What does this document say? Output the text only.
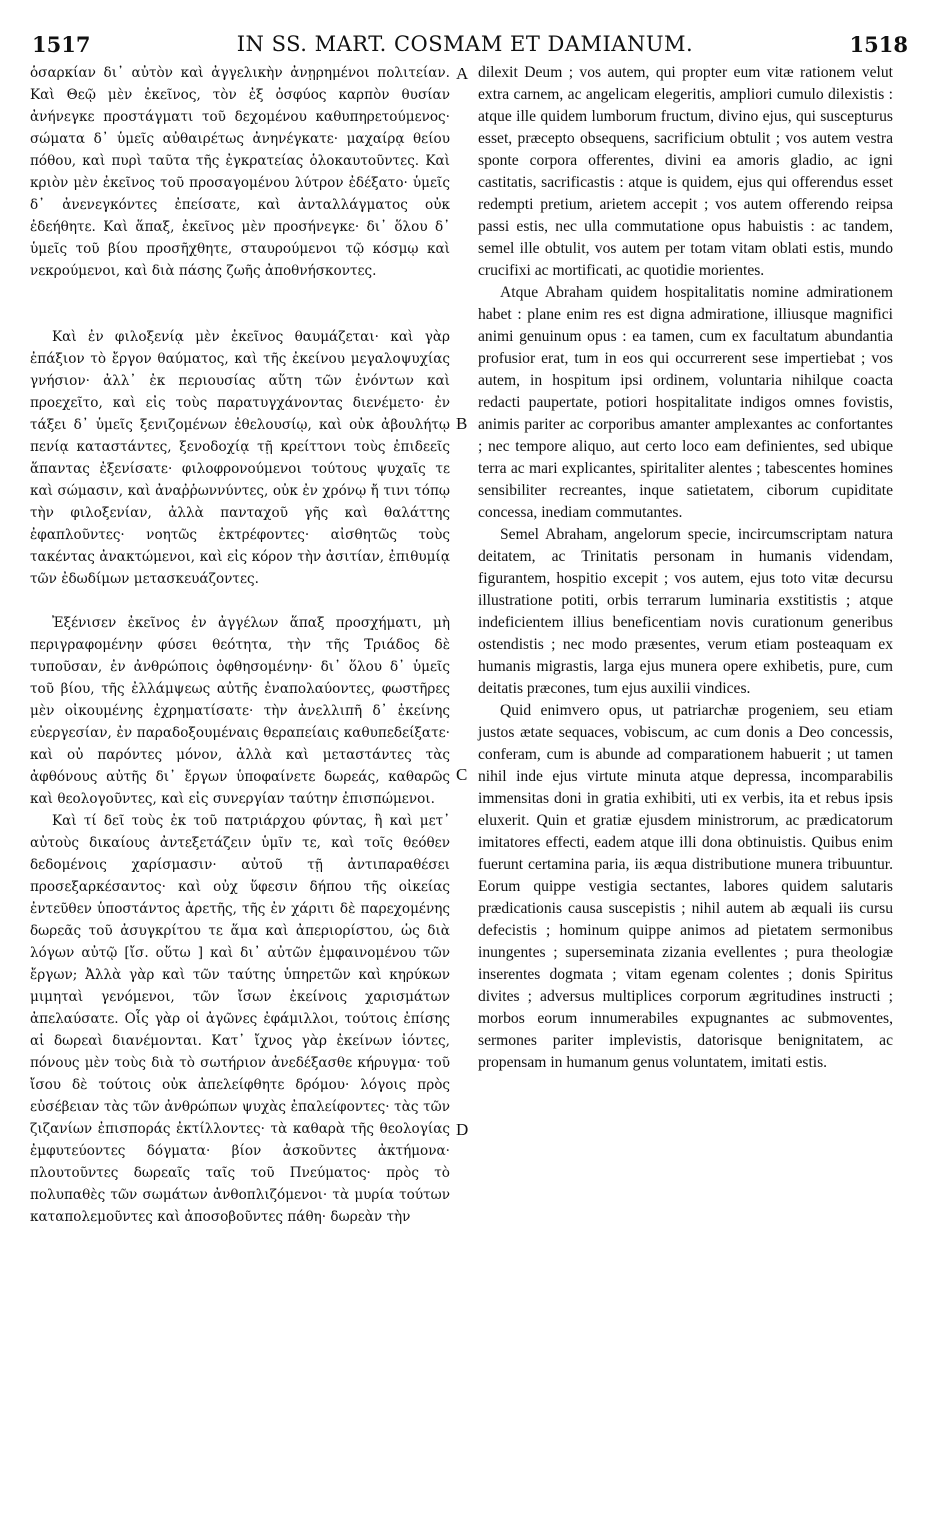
1517	IN SS. MART. COSMAM ET DAMIANUM.	1518

ὁσαρκίαν δι᾽ αὐτὸν καὶ ἀγγελικὴν ἀνῃρημένοι πολιτείαν. Καὶ Θεῷ μὲν ἐκεῖνος, τὸν ἐξ ὀσφύος καρπὸν θυσίαν ἀνήνεγκε προστάγματι τοῦ δεχομένου καθυπηρετούμενος· σώματα δ᾽ ὑμεῖς αὐθαιρέτως ἀνηνέγκατε· μαχαίρᾳ θείου πόθου, καὶ πυρὶ ταῦτα τῆς ἐγκρατείας ὁλοκαυτοῦντες. Καὶ κριὸν μὲν ἐκεῖνος τοῦ προσαγομένου λύτρον ἐδέξατο· ὑμεῖς δ᾽ ἀνενεγκόντες ἐπείσατε, καὶ ἀνταλλάγματος οὐκ ἐδεήθητε. Καὶ ἅπαξ, ἐκεῖνος μὲν προσήνεγκε· δι᾽ ὅλου δ᾽ ὑμεῖς τοῦ βίου προσῆχθητε, σταυρούμενοι τῷ κόσμῳ καὶ νεκρούμενοι, καὶ διὰ πάσης ζωῆς ἀποθνήσκοντες.

Καὶ ἐν φιλοξενίᾳ μὲν ἐκεῖνος θαυμάζεται· καὶ γὰρ ἐπάξιον τὸ ἔργον θαύματος, καὶ τῆς ἐκείνου μεγαλοψυχίας γνήσιον· ἀλλ᾽ ἐκ περιουσίας αὕτη τῶν ἐνόντων καὶ προεχεῖτο, καὶ εἰς τοὺς παρατυγχάνοντας διενέμετο· ἐν τάξει δ᾽ ὑμεῖς ξενιζομένων ἐθελουσίῳ, καὶ οὐκ ἀβουλήτῳ πενίᾳ καταστάντες, ξενοδοχίᾳ τῇ κρείττονι τοὺς ἐπιδεεῖς ἅπαντας ἐξενίσατε· φιλοφρονούμενοι τούτους ψυχαῖς τε καὶ σώμασιν, καὶ ἀναῤῥωννύντες, οὐκ ἐν χρόνῳ ἤ τινι τόπῳ τὴν φιλοξενίαν, ἀλλὰ πανταχοῦ γῆς καὶ θαλάττης ἐφαπλοῦντες· νοητῶς ἐκτρέφοντες· αἰσθητῶς τοὺς τακέντας ἀνακτώμενοι, καὶ εἰς κόρον τὴν ἀσιτίαν, ἐπιθυμίᾳ τῶν ἐδωδίμων μετασκευάζοντες.

Ἐξένισεν ἐκεῖνος ἐν ἀγγέλων ἅπαξ προσχήματι, μὴ περιγραφομένην φύσει θεότητα, τὴν τῆς Τριάδος δὲ τυποῦσαν, ἐν ἀνθρώποις ὀφθησομένην· δι᾽ ὅλου δ᾽ ὑμεῖς τοῦ βίου, τῆς ἐλλάμψεως αὐτῆς ἐναπολαύοντες, φωστῆρες μὲν οἰκουμένης ἐχρηματίσατε· τὴν ἀνελλιπῆ δ᾽ ἐκείνης εὐεργεσίαν, ἐν παραδοξουμέναις θεραπείαις καθυπεδείξατε· καὶ οὐ παρόντες μόνον, ἀλλὰ καὶ μεταστάντες τὰς ἀφθόνους αὐτῆς δι᾽ ἔργων ὑποφαίνετε δωρεάς, καθαρῶς καὶ θεολογοῦντες, καὶ εἰς συνεργίαν ταύτην ἐπισπώμενοι.

Καὶ τί δεῖ τοὺς ἐκ τοῦ πατριάρχου φύντας, ἢ καὶ μετ᾽ αὐτοὺς δικαίους ἀντεξετάζειν ὑμῖν τε, καὶ τοῖς θεόθεν δεδομένοις χαρίσμασιν· αὐτοῦ τῇ ἀντιπαραθέσει προσεξαρκέσαντος· καὶ οὐχ ὕφεσιν δήπου τῆς οἰκείας ἐντεῦθεν ὑποστάντος ἀρετῆς, τῆς ἐν χάριτι δὲ παρεχομένης δωρεᾶς τοῦ ἀσυγκρίτου τε ἅμα καὶ ἀπεριορίστου, ὡς διὰ λόγων αὐτῷ [ἴσ. οὕτω ] καὶ δι᾽ αὐτῶν ἐμφαινομένου τῶν ἔργων; Ἀλλὰ γὰρ καὶ τῶν ταύτης ὑπηρετῶν καὶ κηρύκων μιμηταὶ γενόμενοι, τῶν ἴσων ἐκείνοις χαρισμάτων ἀπελαύσατε. Οἷς γὰρ οἱ ἀγῶνες ἐφάμιλλοι, τούτοις ἐπίσης αἱ δωρεαὶ διανέμονται. Κατ᾽ ἴχνος γὰρ ἐκείνων ἰόντες, πόνους μὲν τοὺς διὰ τὸ σωτήριον ἀνεδέξασθε κήρυγμα· τοῦ ἴσου δὲ τούτοις οὐκ ἀπελείφθητε δρόμου· λόγοις πρὸς εὐσέβειαν τὰς τῶν ἀνθρώπων ψυχὰς ἐπαλείφοντες· τὰς τῶν ζιζανίων ἐπισποράς ἐκτίλλοντες· τὰ καθαρὰ τῆς θεολογίας ἐμφυτεύοντες δόγματα· βίον ἀσκοῦντες ἀκτήμονα· πλουτοῦντες δωρεαῖς ταῖς τοῦ Πνεύματος· πρὸς τὸ πολυπαθὲς τῶν σωμάτων ἀνθοπλιζόμενοι· τὰ μυρία τούτων καταπολεμοῦντες καὶ ἀποσοβοῦντες πάθη· δωρεὰν τὴν

A
B
C
D

dilexit Deum ; vos autem, qui propter eum vitæ rationem velut extra carnem, ac angelicam elegeritis, ampliori cumulo dilexistis : atque ille quidem lumborum fructum, divino ejus, qui suscepturus esset, præcepto obsequens, sacrificium obtulit ; vos autem vestra sponte corpora offerentes, divini ea amoris gladio, ac igni castitatis, sacrificastis : atque is quidem, ejus qui offerendus esset redempti pretium, arietem accepit ; vos autem offerendo reipsa passi estis, nec ulla commutatione opus habuistis : ac tandem, semel ille obtulit, vos autem per totam vitam oblati estis, mundo crucifixi ac mortificati, ac quotidie morientes.

Atque Abraham quidem hospitalitatis nomine admirationem habet : plane enim res est digna admiratione, illiusque magnifici animi genuinum opus : ea tamen, cum ex facultatum abundantia profusior erat, tum in eos qui occurrerent sese impertiebat ; vos autem, in hospitum ipsi ordinem, voluntaria nihilque coacta redacti paupertate, potiori hospitalitate indigos omnes fovistis, animis pariter ac corporibus amanter amplexantes ac confortantes ; nec tempore aliquo, aut certo loco eam definientes, sed ubique terra ac mari explicantes, spiritaliter alentes ; tabescentes homines sensibiliter recreantes, inque satietatem, ciborum cupiditate concessa, inediam commutantes.

Semel Abraham, angelorum specie, incircumscriptam natura deitatem, ac Trinitatis personam in humanis videndam, figurantem, hospitio excepit ; vos autem, ejus toto vitæ decursu illustratione potiti, orbis terrarum luminaria exstitistis ; atque indeficientem illius beneficentiam novis curationum generibus ostendistis ; nec modo præsentes, verum etiam posteaquam ex humanis migrastis, larga ejus munera opere exhibetis, pure, cum deitatis præcones, tum ejus auxilii vindices.

Quid enimvero opus, ut patriarchæ progeniem, seu etiam justos ætate sequaces, vobiscum, ac cum donis a Deo concessis, conferam, cum is abunde ad comparationem habuerit ; ut tamen nihil inde ejus virtute minuta atque depressa, incomparabilis immensitas doni in gratia exhibiti, uti ex verbis, ita et rebus ipsis eluxerit. Quin et gratiæ ejusdem ministrorum, ac prædicatorum imitatores effecti, eadem atque illi dona obtinuistis. Quibus enim fuerunt certamina paria, iis æqua distributione munera tribuuntur. Eorum quippe vestigia sectantes, labores quidem salutaris prædicationis causa suscepistis ; nihil autem ab æquali iis cursu defecistis ; hominum quippe animos ad pietatem sermonibus inungentes ; superseminata zizania evellentes ; pura theologiæ inserentes dogmata ; vitam egenam colentes ; donis Spiritus divites ; adversus multiplices corporum ægritudines instructi ; morbos eorum innumerabiles expugnantes ac submoventes, sermones pariter implevistis, datorisque benignitatem, ac propensam in humanum genus voluntatem, imitati estis.
